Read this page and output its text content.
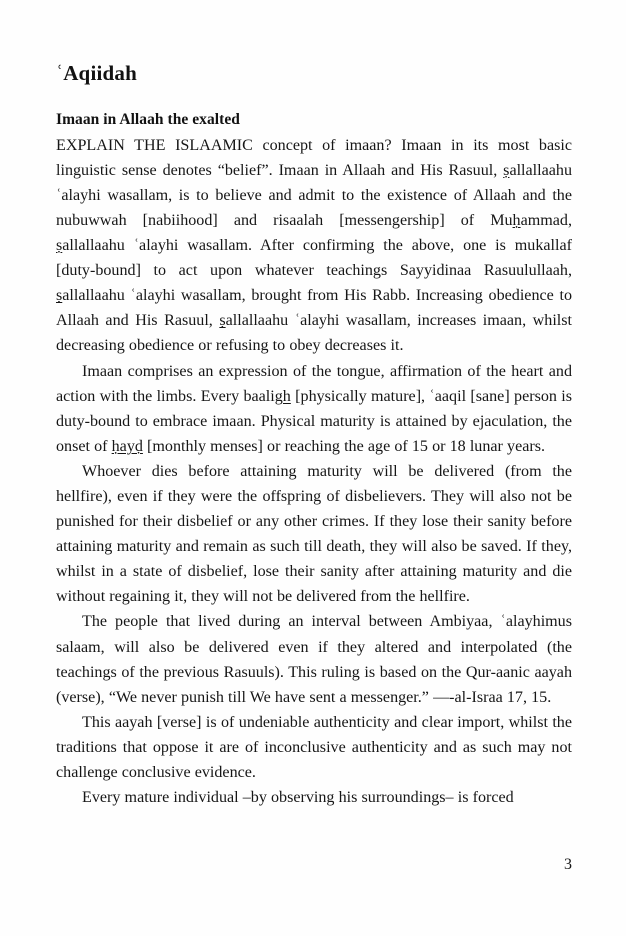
ʿAqiidah
Imaan in Allaah the exalted

EXPLAIN THE ISLAAMIC concept of imaan? Imaan in its most basic linguistic sense denotes “belief”. Imaan in Allaah and His Rasuul, ṣallallaahu ʿalayhi wasallam, is to believe and admit to the existence of Allaah and the nubuwwah [nabiihood] and risaalah [messengership] of Muḥammad, ṣallallaahu ʿalayhi wasallam. After confirming the above, one is mukallaf [duty-bound] to act upon whatever teachings Sayyidinaa Rasuulullaah, ṣallallaahu ʿalayhi wasallam, brought from His Rabb. Increasing obedience to Allaah and His Rasuul, ṣallallaahu ʿalayhi wasallam, increases imaan, whilst decreasing obedience or refusing to obey decreases it.

Imaan comprises an expression of the tongue, affirmation of the heart and action with the limbs. Every baaligh [physically mature], ʿaaqil [sane] person is duty-bound to embrace imaan. Physical maturity is attained by ejaculation, the onset of ḥayḍ [monthly menses] or reaching the age of 15 or 18 lunar years.

Whoever dies before attaining maturity will be delivered (from the hellfire), even if they were the offspring of disbelievers. They will also not be punished for their disbelief or any other crimes. If they lose their sanity before attaining maturity and remain as such till death, they will also be saved. If they, whilst in a state of disbelief, lose their sanity after attaining maturity and die without regaining it, they will not be delivered from the hellfire.

The people that lived during an interval between Ambiyaa, ʿalayhimus salaam, will also be delivered even if they altered and interpolated (the teachings of the previous Rasuuls). This ruling is based on the Qur-aanic aayah (verse), “We never punish till We have sent a messenger.” —-al-Israa 17, 15.

This aayah [verse] is of undeniable authenticity and clear import, whilst the traditions that oppose it are of inconclusive authenticity and as such may not challenge conclusive evidence.

Every mature individual –by observing his surroundings– is forced

3
